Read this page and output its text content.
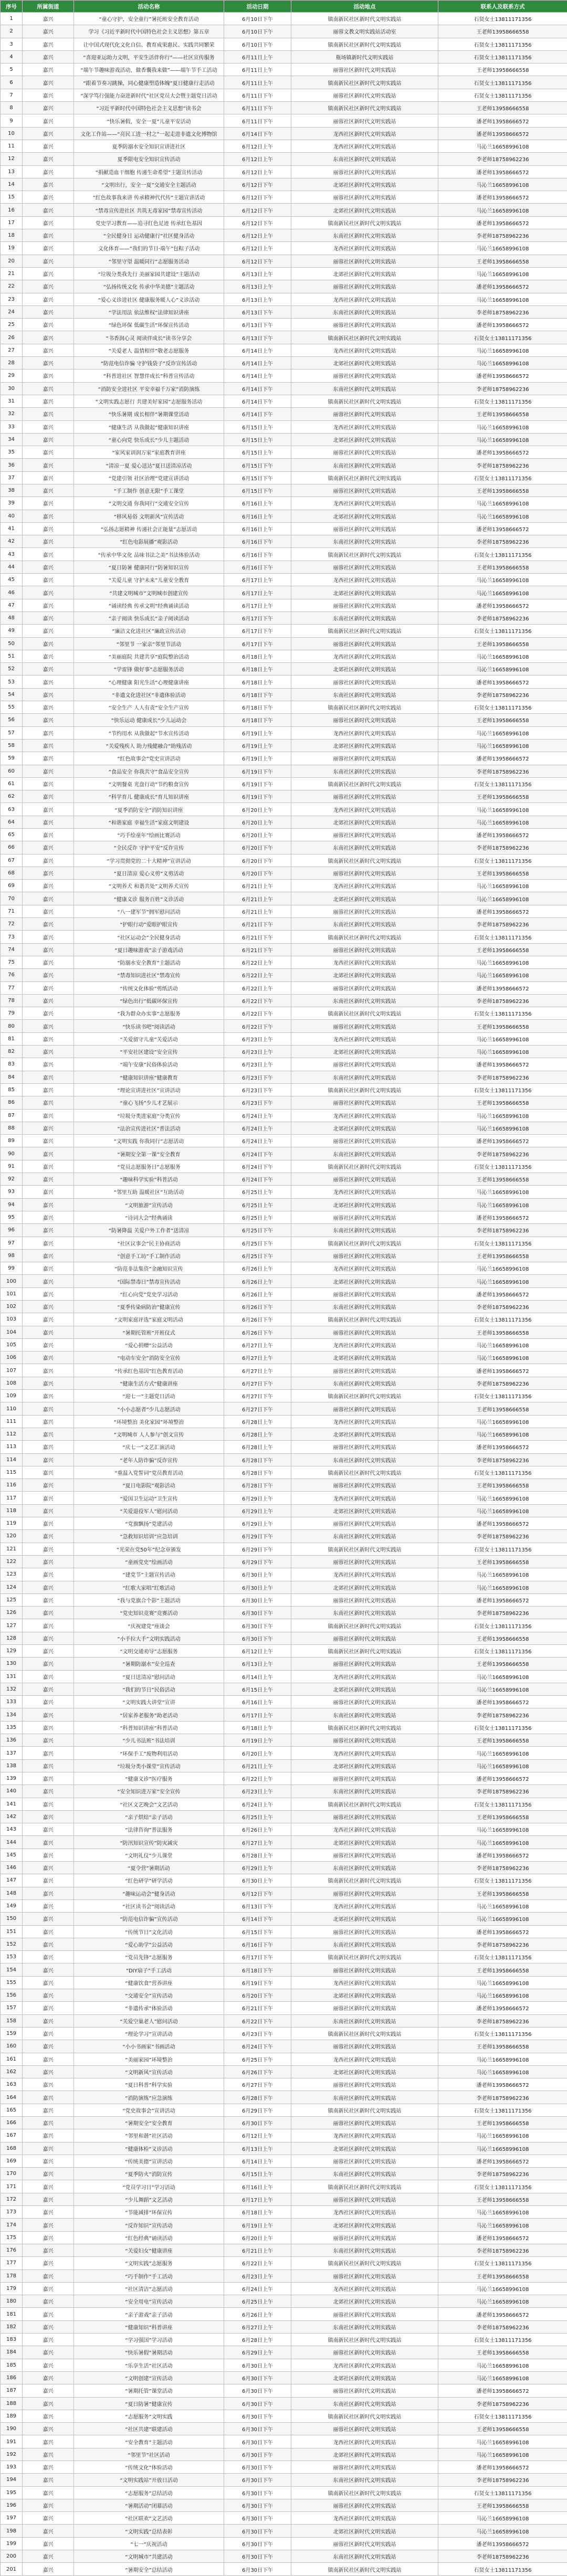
序号	所属街道	活动名称	活动日期	活动地点	联系人及联系方式
1	嘉兴	“童心守护，安全童行”暑托班安全教育活动	6月10日下午	镇南新民社区新时代文明实践站	石贤女士13811171356
2	嘉兴	学习《习近平新时代中国特色社会主义思想》第五章	6月10日下午	丽蓉文教文明实践站活动室	王老师13958666558
3	嘉兴	让中国式现代化文化自信、教育成果惠民、实践共同繁荣	6月10日下午	镇南新民社区新时代文明实践站	石贤女士13811171356
4	嘉兴	“喜迎亚运助力文明，平安生活伴你行”——社区宣传服务	6月11日上午	瓶场镇新时代文明实践站	石贤女士13811171356
5	嘉兴	“端午节趣味游戏活动，做香囊我来做”——端午节手工活动	6月11日上午	丽蓉社区新时代文明实践站	王老师13958666558
6	嘉兴	“跟着节奏习跳操，同心健康塑造体魄”夏日健康行走活动	6月11日上午	镇南新民社区新时代文明实践站	石贤女士13811171356
7	嘉兴	“深学笃行强能力奋进新时代”社区党员大会暨主题党日活动	6月11日下午	丽蓉社区新时代文明实践站	石贤女士13811171356
8	嘉兴	“习近平新时代中国特色社会主义思想”读书会	6月11日下午	镇南新民社区新时代文明实践站	王老师13958666558
9	嘉兴	“快乐暑假，安全一夏”儿童平安活动	6月11日下午	丽蓉社区新时代文明实践站	潘老师13958666572
10	嘉兴	文化工作站——“亮民工进一村之”一起走进非遗文化博物馆	6月14日下午	龙西社区新时代文明实践站	潘老师13958666572
11	嘉兴	夏季防溺水安全知识宣讲进社区	6月12日上午	龙西社区新时代文明实践站	马沁兰16658996108
12	嘉兴	夏季限电安全知识宣传活动	6月12日上午	东南社区新时代文明实践站	李老师18758962236
13	嘉兴	“捐献造血干细胞 传递生命希望”主题宣传活动	6月12日上午	丽蓉社区新时代文明实践站	潘老师13958666572
14	嘉兴	“文明出行，安全一夏”交通安全主题活动	6月12日下午	北郊社区新时代文明实践站	马沁兰16658996108
15	嘉兴	“红色故事我来讲 传承精神代代传”主题宣讲活动	6月12日下午	丽蓉社区新时代文明实践站	潘老师13958666572
16	嘉兴	“禁毒宣传进社区 共筑无毒家园”禁毒宣传活动	6月12日下午	北郊社区新时代文明实践站	马沁兰16658996108
17	嘉兴	党史学习教育——追寻红色足迹 传承红色基因	6月12日下午	镇南新民社区新时代文明实践站	潘老师13958666572
18	嘉兴	“全民健身日 运动健康行”社区健身活动	6月12日上午	东南社区新时代文明实践站	李老师18758962236
19	嘉兴	文化体育——“我们的节日·端午”包粽子活动	6月12日上午	龙西社区新时代文明实践站	马沁兰16658996108
20	嘉兴	“邻里守望 温暖同行”志愿服务活动	6月12日下午	丽蓉社区新时代文明实践站	王老师13958666558
21	嘉兴	“垃圾分类我先行 美丽家园共建设”主题活动	6月13日上午	北郊社区新时代文明实践站	马沁兰16658996108
22	嘉兴	“弘扬传统文化 传承中华美德”主题活动	6月13日上午	丽蓉社区新时代文明实践站	潘老师13958666572
23	嘉兴	“爱心义诊进社区 健康服务暖人心”义诊活动	6月13日上午	龙西社区新时代文明实践站	马沁兰16658996108
24	嘉兴	“学法用法 依法维权”法律知识讲座	6月13日下午	东南社区新时代文明实践站	李老师18758962236
25	嘉兴	“绿色环保 低碳生活”环保宣传活动	6月13日下午	丽蓉社区新时代文明实践站	潘老师13958666572
26	嘉兴	“书香润心灵 阅读伴成长”读书分享会	6月13日下午	镇南新民社区新时代文明实践站	石贤女士13811171356
27	嘉兴	“关爱老人 温情相伴”敬老志愿服务	6月14日上午	龙西社区新时代文明实践站	马沁兰16658996108
28	嘉兴	“防范电信诈骗 守护钱袋子”反诈宣传活动	6月14日上午	北郊社区新时代文明实践站	马沁兰16658996108
29	嘉兴	“科普进社区 智慧伴成长”科普宣传活动	6月14日上午	丽蓉社区新时代文明实践站	潘老师13958666572
30	嘉兴	“消防安全进社区 平安幸福千万家”消防演练	6月14日下午	东南社区新时代文明实践站	李老师18758962236
31	嘉兴	“文明实践志愿行 共建美好家园”志愿服务活动	6月14日下午	镇南新民社区新时代文明实践站	石贤女士13811171356
32	嘉兴	“快乐暑期 成长相伴”暑期课堂活动	6月14日下午	丽蓉社区新时代文明实践站	王老师13958666558
33	嘉兴	“健康生活 从我做起”健康知识讲座	6月15日上午	龙西社区新时代文明实践站	马沁兰16658996108
34	嘉兴	“童心向党 快乐成长”少儿主题活动	6月15日上午	北郊社区新时代文明实践站	马沁兰16658996108
35	嘉兴	“家风家训润万家”家庭教育讲座	6月15日上午	丽蓉社区新时代文明实践站	潘老师13958666572
36	嘉兴	“清凉一夏 爱心送达”夏日送清凉活动	6月15日下午	东南社区新时代文明实践站	李老师18758962236
37	嘉兴	“党建引领 社区治理”党建宣讲活动	6月15日下午	镇南新民社区新时代文明实践站	石贤女士13811171356
38	嘉兴	“手工制作 创意无限”手工课堂	6月15日下午	丽蓉社区新时代文明实践站	王老师13958666558
39	嘉兴	“文明交通 你我同行”交通安全宣传	6月16日上午	龙西社区新时代文明实践站	马沁兰16658996108
40	嘉兴	“移风易俗 文明新风”宣传活动	6月16日上午	北郊社区新时代文明实践站	马沁兰16658996108
41	嘉兴	“弘扬志愿精神 传递社会正能量”志愿活动	6月16日上午	丽蓉社区新时代文明实践站	潘老师13958666572
42	嘉兴	“红色电影展播”观影活动	6月16日下午	东南社区新时代文明实践站	李老师18758962236
43	嘉兴	“传承中华文化 品味书法之美”书法体验活动	6月16日下午	镇南新民社区新时代文明实践站	石贤女士13811171356
44	嘉兴	“夏日防暑 健康同行”防暑知识宣传	6月16日下午	丽蓉社区新时代文明实践站	王老师13958666558
45	嘉兴	“关爱儿童 守护未来”儿童安全教育	6月17日上午	龙西社区新时代文明实践站	马沁兰16658996108
46	嘉兴	“共建文明城市”文明城市创建宣传	6月17日上午	北郊社区新时代文明实践站	马沁兰16658996108
47	嘉兴	“诵读经典 传承文明”经典诵读活动	6月17日上午	丽蓉社区新时代文明实践站	潘老师13958666572
48	嘉兴	“亲子阅读 快乐成长”亲子阅读活动	6月17日下午	东南社区新时代文明实践站	李老师18758962236
49	嘉兴	“廉洁文化进社区”廉政宣传活动	6月17日下午	镇南新民社区新时代文明实践站	石贤女士13811171356
50	嘉兴	“邻里节 一家亲”邻里节活动	6月17日下午	丽蓉社区新时代文明实践站	王老师13958666558
51	嘉兴	“美丽庭院 共建共享”庭院整治活动	6月18日上午	龙西社区新时代文明实践站	马沁兰16658996108
52	嘉兴	“学雷锋 做好事”志愿服务活动	6月18日上午	北郊社区新时代文明实践站	马沁兰16658996108
53	嘉兴	“心理健康 阳光生活”心理健康讲座	6月18日上午	丽蓉社区新时代文明实践站	潘老师13958666572
54	嘉兴	“非遗文化进社区”非遗体验活动	6月18日下午	东南社区新时代文明实践站	李老师18758962236
55	嘉兴	“安全生产 人人有责”安全生产宣传	6月18日下午	镇南新民社区新时代文明实践站	石贤女士13811171356
56	嘉兴	“快乐运动 健康成长”少儿运动会	6月18日下午	丽蓉社区新时代文明实践站	王老师13958666558
57	嘉兴	“节约用水 从我做起”节水宣传活动	6月19日上午	龙西社区新时代文明实践站	马沁兰16658996108
58	嘉兴	“关爱残疾人 助力残健融合”助残活动	6月19日上午	北郊社区新时代文明实践站	马沁兰16658996108
59	嘉兴	“红色故事会”党史宣讲活动	6月19日上午	丽蓉社区新时代文明实践站	潘老师13958666572
60	嘉兴	“食品安全 你我共守”食品安全宣传	6月19日下午	东南社区新时代文明实践站	李老师18758962236
61	嘉兴	“文明餐桌 光盘行动”节约粮食宣传	6月19日下午	镇南新民社区新时代文明实践站	石贤女士13811171356
62	嘉兴	“科学育儿 健康成长”育儿知识讲座	6月19日下午	丽蓉社区新时代文明实践站	王老师13958666558
63	嘉兴	“夏季消防安全”消防知识讲座	6月20日上午	龙西社区新时代文明实践站	马沁兰16658996108
64	嘉兴	“和谐家庭 幸福生活”家庭文明建设	6月20日上午	北郊社区新时代文明实践站	马沁兰16658996108
65	嘉兴	“巧手绘童年”绘画比赛活动	6月20日上午	丽蓉社区新时代文明实践站	潘老师13958666572
66	嘉兴	“全民反诈 守护平安”反诈宣传	6月20日下午	东南社区新时代文明实践站	李老师18758962236
67	嘉兴	“学习贯彻党的二十大精神”宣讲活动	6月20日下午	镇南新民社区新时代文明实践站	石贤女士13811171356
68	嘉兴	“夏日清凉 爱心义剪”义剪活动	6月20日下午	丽蓉社区新时代文明实践站	王老师13958666558
69	嘉兴	“文明养犬 和谐共处”文明养犬宣传	6月21日上午	龙西社区新时代文明实践站	马沁兰16658996108
70	嘉兴	“健康义诊 服务百姓”义诊活动	6月21日上午	北郊社区新时代文明实践站	马沁兰16658996108
71	嘉兴	“八一建军节”拥军慰问活动	6月21日上午	丽蓉社区新时代文明实践站	潘老师13958666572
72	嘉兴	“护眼行动”爱眼护眼宣传	6月21日下午	东南社区新时代文明实践站	李老师18758962236
73	嘉兴	“社区运动会”全民健身活动	6月21日下午	镇南新民社区新时代文明实践站	石贤女士13811171356
74	嘉兴	“夏日趣味游戏”亲子游戏活动	6月21日下午	丽蓉社区新时代文明实践站	王老师13958666558
75	嘉兴	“防溺水安全教育”主题活动	6月22日上午	龙西社区新时代文明实践站	马沁兰16658996108
76	嘉兴	“禁毒知识进社区”禁毒宣传	6月22日上午	北郊社区新时代文明实践站	马沁兰16658996108
77	嘉兴	“传统文化体验”剪纸活动	6月22日上午	丽蓉社区新时代文明实践站	潘老师13958666572
78	嘉兴	“绿色出行”低碳环保宣传	6月22日下午	东南社区新时代文明实践站	李老师18758962236
79	嘉兴	“我为群众办实事”志愿服务	6月22日下午	镇南新民社区新时代文明实践站	石贤女士13811171356
80	嘉兴	“快乐读书吧”阅读活动	6月22日下午	丽蓉社区新时代文明实践站	王老师13958666558
81	嘉兴	“关爱留守儿童”关爱活动	6月23日上午	龙西社区新时代文明实践站	马沁兰16658996108
82	嘉兴	“平安社区建设”安全宣传	6月23日上午	北郊社区新时代文明实践站	马沁兰16658996108
83	嘉兴	“端午安康”民俗体验活动	6月23日上午	丽蓉社区新时代文明实践站	潘老师13958666572
84	嘉兴	“健康知识讲座”健康教育	6月23日下午	东南社区新时代文明实践站	李老师18758962236
85	嘉兴	“理论宣讲进社区”宣讲活动	6月23日下午	镇南新民社区新时代文明实践站	石贤女士13811171356
86	嘉兴	“童心飞扬”少儿才艺展示	6月23日下午	丽蓉社区新时代文明实践站	王老师13958666558
87	嘉兴	“垃圾分类进家庭”分类宣传	6月24日上午	龙西社区新时代文明实践站	马沁兰16658996108
88	嘉兴	“法治宣传进社区”普法活动	6月24日上午	北郊社区新时代文明实践站	马沁兰16658996108
89	嘉兴	“文明实践 你我同行”志愿活动	6月24日上午	丽蓉社区新时代文明实践站	潘老师13958666572
90	嘉兴	“暑期安全第一课”安全教育	6月24日下午	东南社区新时代文明实践站	李老师18758962236
91	嘉兴	“党员志愿服务日”志愿服务	6月24日下午	镇南新民社区新时代文明实践站	石贤女士13811171356
92	嘉兴	“趣味科学实验”科普活动	6月24日下午	丽蓉社区新时代文明实践站	王老师13958666558
93	嘉兴	“邻里互助 温暖社区”互助活动	6月25日上午	龙西社区新时代文明实践站	马沁兰16658996108
94	嘉兴	“文明旅游”宣传活动	6月25日上午	北郊社区新时代文明实践站	马沁兰16658996108
95	嘉兴	“诗词大会”经典诵读	6月25日上午	丽蓉社区新时代文明实践站	潘老师13958666572
96	嘉兴	“防暑降温 关爱户外工作者”送清凉	6月25日下午	东南社区新时代文明实践站	李老师18758962236
97	嘉兴	“社区议事会”民主协商活动	6月25日下午	镇南新民社区新时代文明实践站	石贤女士13811171356
98	嘉兴	“创意手工坊”手工制作活动	6月25日下午	丽蓉社区新时代文明实践站	王老师13958666558
99	嘉兴	“防范非法集资”金融知识宣传	6月26日上午	龙西社区新时代文明实践站	马沁兰16658996108
100	嘉兴	“国际禁毒日”禁毒宣传活动	6月26日上午	北郊社区新时代文明实践站	马沁兰16658996108
101	嘉兴	“红心向党”党史学习活动	6月26日上午	丽蓉社区新时代文明实践站	潘老师13958666572
102	嘉兴	“夏季传染病防治”健康宣传	6月26日下午	东南社区新时代文明实践站	李老师18758962236
103	嘉兴	“文明家庭评选”家庭文明活动	6月26日下午	镇南新民社区新时代文明实践站	石贤女士13811171356
104	嘉兴	“暑期托管班”开班仪式	6月26日下午	丽蓉社区新时代文明实践站	王老师13958666558
105	嘉兴	“爱心捐赠”公益活动	6月27日上午	龙西社区新时代文明实践站	马沁兰16658996108
106	嘉兴	“电动车安全”消防安全宣传	6月27日上午	北郊社区新时代文明实践站	马沁兰16658996108
107	嘉兴	“传承红色基因”红色教育活动	6月27日上午	丽蓉社区新时代文明实践站	潘老师13958666572
108	嘉兴	“健康生活方式”健康讲座	6月27日下午	东南社区新时代文明实践站	李老师18758962236
109	嘉兴	“迎七一”主题党日活动	6月27日下午	镇南新民社区新时代文明实践站	石贤女士13811171356
110	嘉兴	“小小志愿者”少儿志愿活动	6月27日下午	丽蓉社区新时代文明实践站	王老师13958666558
111	嘉兴	“环境整治 美化家园”环境整治	6月28日上午	龙西社区新时代文明实践站	马沁兰16658996108
112	嘉兴	“文明城市 人人参与”创文宣传	6月28日上午	北郊社区新时代文明实践站	马沁兰16658996108
113	嘉兴	“庆七一”文艺汇演活动	6月28日上午	丽蓉社区新时代文明实践站	潘老师13958666572
114	嘉兴	“老年人防诈骗”反诈宣传	6月28日下午	东南社区新时代文明实践站	李老师18758962236
115	嘉兴	“重温入党誓词”党员教育活动	6月28日下午	镇南新民社区新时代文明实践站	石贤女士13811171356
116	嘉兴	“夏日电影院”观影活动	6月28日下午	丽蓉社区新时代文明实践站	王老师13958666558
117	嘉兴	“爱国卫生运动”卫生宣传	6月29日上午	龙西社区新时代文明实践站	马沁兰16658996108
118	嘉兴	“关爱退役军人”慰问活动	6月29日上午	北郊社区新时代文明实践站	马沁兰16658996108
119	嘉兴	“党旗飘扬”党建活动	6月29日上午	丽蓉社区新时代文明实践站	潘老师13958666572
120	嘉兴	“急救知识培训”应急培训	6月29日下午	东南社区新时代文明实践站	李老师18758962236
121	嘉兴	“光荣在党50年”纪念章颁发	6月29日下午	镇南新民社区新时代文明实践站	石贤女士13811171356
122	嘉兴	“童画党史”绘画活动	6月29日下午	丽蓉社区新时代文明实践站	王老师13958666558
123	嘉兴	“建党节”主题宣传活动	6月30日上午	龙西社区新时代文明实践站	马沁兰16658996108
124	嘉兴	“红歌大家唱”红歌活动	6月30日上午	北郊社区新时代文明实践站	马沁兰16658996108
125	嘉兴	“我与党旗合个影”主题活动	6月30日上午	丽蓉社区新时代文明实践站	潘老师13958666572
126	嘉兴	“党史知识竞赛”竞赛活动	6月30日下午	东南社区新时代文明实践站	李老师18758962236
127	嘉兴	“庆祝建党”座谈会	6月30日下午	镇南新民社区新时代文明实践站	石贤女士13811171356
128	嘉兴	“小手拉大手”文明实践活动	6月30日下午	丽蓉社区新时代文明实践站	王老师13958666558
129	嘉兴	“文明交通劝导”志愿服务	6月12日上午	镇南新民社区新时代文明实践站	石贤女士13811171356
130	嘉兴	“暑期防溺水”安全巡查	6月13日上午	丽蓉社区新时代文明实践站	王老师13958666558
131	嘉兴	“夏日送清凉”慰问活动	6月14日上午	龙西社区新时代文明实践站	马沁兰16658996108
132	嘉兴	“我们的节日”民俗活动	6月15日上午	北郊社区新时代文明实践站	马沁兰16658996108
133	嘉兴	“文明实践大讲堂”宣讲	6月16日上午	丽蓉社区新时代文明实践站	潘老师13958666572
134	嘉兴	“居家养老服务”助老活动	6月17日上午	东南社区新时代文明实践站	李老师18758962236
135	嘉兴	“科普知识讲座”科普活动	6月18日上午	镇南新民社区新时代文明实践站	石贤女士13811171356
136	嘉兴	“少儿书法班”书法培训	6月19日上午	丽蓉社区新时代文明实践站	王老师13958666558
137	嘉兴	“环保手工”废物利用活动	6月20日上午	龙西社区新时代文明实践站	马沁兰16658996108
138	嘉兴	“垃圾分类小课堂”宣传活动	6月21日上午	北郊社区新时代文明实践站	马沁兰16658996108
139	嘉兴	“健康义诊”医疗服务	6月22日上午	丽蓉社区新时代文明实践站	潘老师13958666572
140	嘉兴	“安全知识进万家”安全宣传	6月23日上午	东南社区新时代文明实践站	李老师18758962236
141	嘉兴	“社区文艺晚会”文艺活动	6月24日上午	镇南新民社区新时代文明实践站	石贤女士13811171356
142	嘉兴	“亲子烘焙”亲子活动	6月25日上午	丽蓉社区新时代文明实践站	王老师13958666558
143	嘉兴	“法律咨询”普法服务	6月26日上午	龙西社区新时代文明实践站	马沁兰16658996108
144	嘉兴	“防汛知识宣传”防灾减灾	6月27日上午	北郊社区新时代文明实践站	马沁兰16658996108
145	嘉兴	“文明礼仪”少儿课堂	6月28日上午	丽蓉社区新时代文明实践站	潘老师13958666572
146	嘉兴	“夏令营”暑期活动	6月29日上午	东南社区新时代文明实践站	李老师18758962236
147	嘉兴	“红色研学”研学活动	6月30日上午	镇南新民社区新时代文明实践站	石贤女士13811171356
148	嘉兴	“趣味运动会”健身活动	6月12日下午	丽蓉社区新时代文明实践站	王老师13958666558
149	嘉兴	“社区读书会”阅读活动	6月13日下午	龙西社区新时代文明实践站	马沁兰16658996108
150	嘉兴	“防范电信诈骗”宣传活动	6月14日下午	北郊社区新时代文明实践站	马沁兰16658996108
151	嘉兴	“传统节日”文化活动	6月15日下午	丽蓉社区新时代文明实践站	潘老师13958666572
152	嘉兴	“爱心助学”公益活动	6月16日下午	东南社区新时代文明实践站	李老师18758962236
153	嘉兴	“党员先锋”志愿服务	6月17日下午	镇南新民社区新时代文明实践站	石贤女士13811171356
154	嘉兴	“DIY扇子”手工活动	6月18日下午	丽蓉社区新时代文明实践站	王老师13958666558
155	嘉兴	“健康饮食”营养讲座	6月19日下午	龙西社区新时代文明实践站	马沁兰16658996108
156	嘉兴	“交通安全”宣传活动	6月20日下午	北郊社区新时代文明实践站	马沁兰16658996108
157	嘉兴	“非遗传承”体验活动	6月21日下午	丽蓉社区新时代文明实践站	潘老师13958666572
158	嘉兴	“关爱空巢老人”慰问活动	6月22日下午	东南社区新时代文明实践站	李老师18758962236
159	嘉兴	“理论学习”宣讲活动	6月23日下午	镇南新民社区新时代文明实践站	石贤女士13811171356
160	嘉兴	“小小书画家”书画活动	6月24日下午	丽蓉社区新时代文明实践站	王老师13958666558
161	嘉兴	“美丽家园”环境整治	6月25日下午	龙西社区新时代文明实践站	马沁兰16658996108
162	嘉兴	“文明新风”宣传活动	6月26日下午	北郊社区新时代文明实践站	马沁兰16658996108
163	嘉兴	“夏日科普”科学实验	6月27日下午	丽蓉社区新时代文明实践站	潘老师13958666572
164	嘉兴	“消防演练”应急演练	6月28日下午	东南社区新时代文明实践站	李老师18758962236
165	嘉兴	“党史故事会”宣讲活动	6月29日下午	镇南新民社区新时代文明实践站	石贤女士13811171356
166	嘉兴	“暑期安全”安全教育	6月30日下午	丽蓉社区新时代文明实践站	王老师13958666558
167	嘉兴	“邻里和谐”社区活动	6月12日上午	龙西社区新时代文明实践站	马沁兰16658996108
168	嘉兴	“健康体检”义诊活动	6月13日上午	北郊社区新时代文明实践站	马沁兰16658996108
169	嘉兴	“传统美德”宣讲活动	6月14日上午	丽蓉社区新时代文明实践站	潘老师13958666572
170	嘉兴	“夏季防火”消防宣传	6月15日上午	东南社区新时代文明实践站	李老师18758962236
171	嘉兴	“党员学习日”学习活动	6月16日上午	镇南新民社区新时代文明实践站	石贤女士13811171356
172	嘉兴	“少儿舞蹈”文艺活动	6月17日上午	丽蓉社区新时代文明实践站	王老师13958666558
173	嘉兴	“节能减排”环保宣传	6月18日上午	龙西社区新时代文明实践站	马沁兰16658996108
174	嘉兴	“反诈知识”宣传活动	6月19日上午	北郊社区新时代文明实践站	马沁兰16658996108
175	嘉兴	“红色经典”诵读活动	6月20日上午	丽蓉社区新时代文明实践站	潘老师13958666572
176	嘉兴	“关爱妇女”健康讲座	6月21日上午	东南社区新时代文明实践站	李老师18758962236
177	嘉兴	“文明实践”志愿服务	6月22日上午	镇南新民社区新时代文明实践站	石贤女士13811171356
178	嘉兴	“巧手制作”手工活动	6月23日上午	丽蓉社区新时代文明实践站	王老师13958666558
179	嘉兴	“社区清洁”志愿活动	6月24日上午	龙西社区新时代文明实践站	马沁兰16658996108
180	嘉兴	“安全用电”宣传活动	6月25日上午	北郊社区新时代文明实践站	马沁兰16658996108
181	嘉兴	“亲子游戏”亲子活动	6月26日上午	丽蓉社区新时代文明实践站	潘老师13958666572
182	嘉兴	“健康知识”科普讲座	6月27日上午	东南社区新时代文明实践站	李老师18758962236
183	嘉兴	“学习强国”学习活动	6月28日上午	镇南新民社区新时代文明实践站	石贤女士13811171356
184	嘉兴	“快乐暑假”暑期活动	6月29日上午	丽蓉社区新时代文明实践站	王老师13958666558
185	嘉兴	“乐享生活”社区活动	6月30日上午	龙西社区新时代文明实践站	马沁兰16658996108
186	嘉兴	“文明创建”宣传活动	6月30日下午	北郊社区新时代文明实践站	马沁兰16658996108
187	嘉兴	“暑期托管”课堂活动	6月30日下午	丽蓉社区新时代文明实践站	潘老师13958666572
188	嘉兴	“夏日防暑”健康宣传	6月30日下午	东南社区新时代文明实践站	李老师18758962236
189	嘉兴	“志愿服务”文明实践	6月30日下午	镇南新民社区新时代文明实践站	石贤女士13811171356
190	嘉兴	“社区共建”联建活动	6月30日下午	丽蓉社区新时代文明实践站	王老师13958666558
191	嘉兴	“安全教育”主题活动	6月30日下午	龙西社区新时代文明实践站	马沁兰16658996108
192	嘉兴	“邻里节”社区活动	6月30日下午	北郊社区新时代文明实践站	马沁兰16658996108
193	嘉兴	“传统文化”体验活动	6月30日下午	丽蓉社区新时代文明实践站	潘老师13958666572
194	嘉兴	“文明实践站”开放日活动	6月30日下午	东南社区新时代文明实践站	李老师18758962236
195	嘉兴	“志愿服务”总结活动	6月30日下午	镇南新民社区新时代文明实践站	石贤女士13811171356
196	嘉兴	“暑期活动”闭幕活动	6月30日下午	丽蓉社区新时代文明实践站	王老师13958666558
197	嘉兴	“社区联欢”文艺活动	6月30日下午	龙西社区新时代文明实践站	马沁兰16658996108
198	嘉兴	“文明实践”总结表彰	6月30日下午	北郊社区新时代文明实践站	马沁兰16658996108
199	嘉兴	“七一”庆祝活动	6月30日下午	丽蓉社区新时代文明实践站	潘老师13958666572
200	嘉兴	“文明城市”共建活动	6月30日下午	东南社区新时代文明实践站	李老师18758962236
201	嘉兴	“暑期安全”总结活动	6月30日下午	镇南新民社区新时代文明实践站	石贤女士13811171356
